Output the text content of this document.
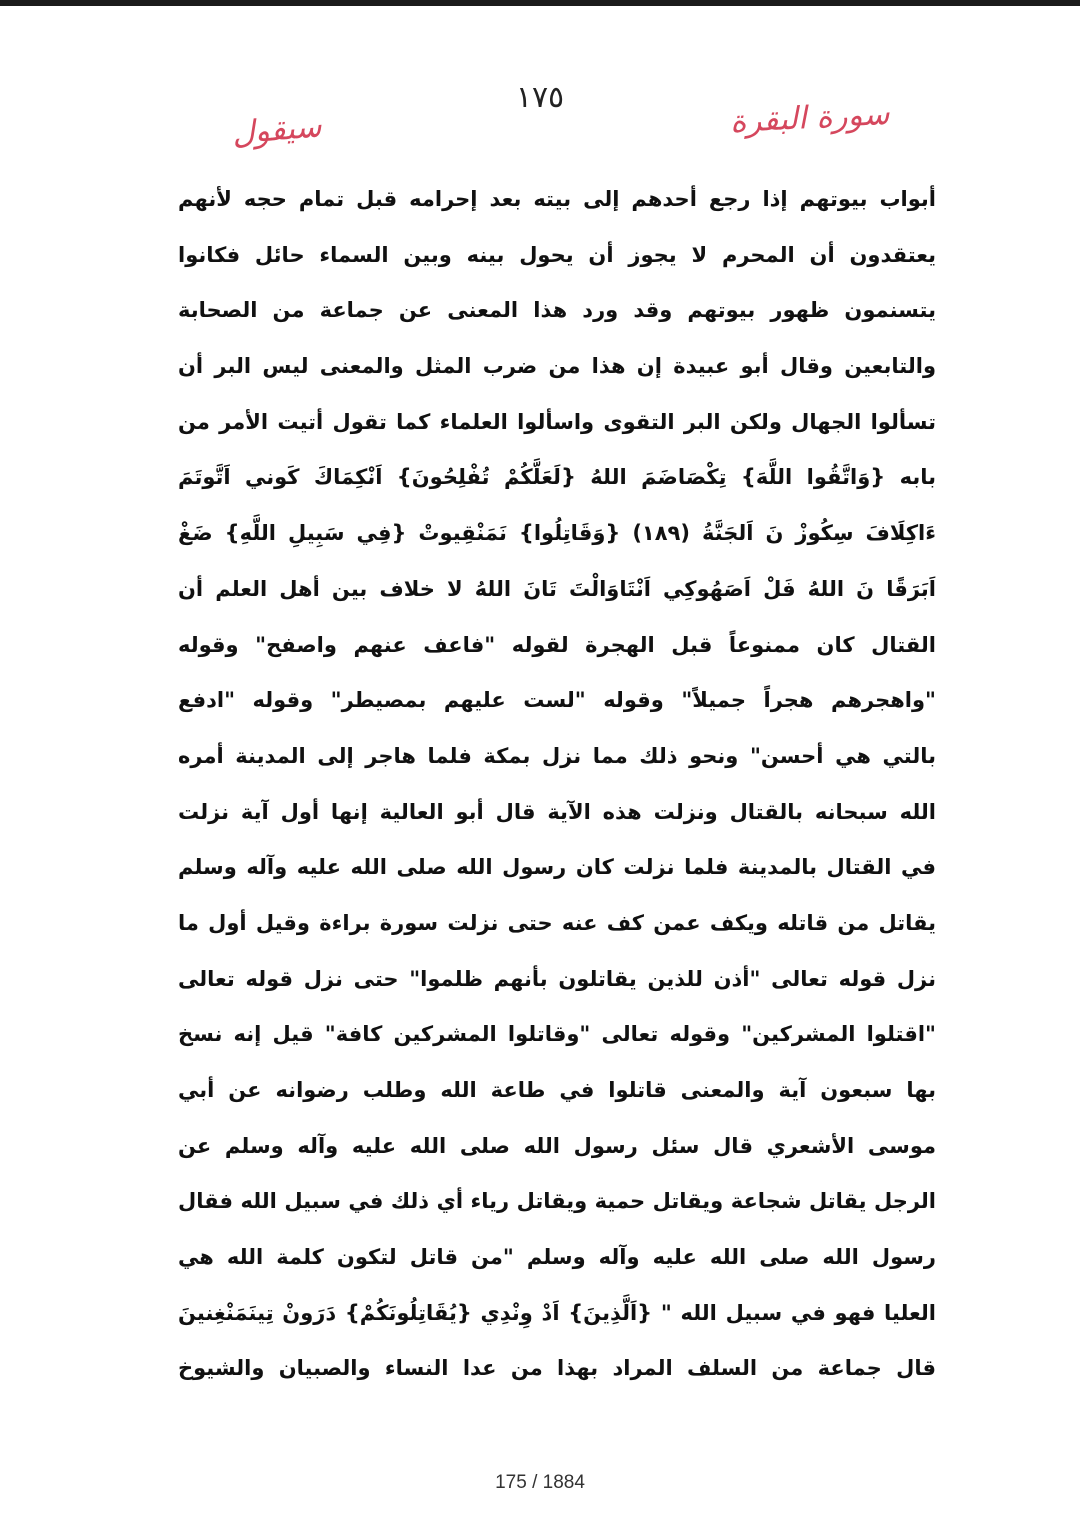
١٧٥	سورة البقرة
سيقول
أبواب بيوتهم إذا رجع أحدهم إلى بيته بعد إحرامه قبل تمام حجه لأنهم
يعتقدون أن المحرم لا يجوز أن يحول بينه وبين السماء حائل فكانوا
يتسنمون ظهور بيوتهم وقد ورد هذا المعنى عن جماعة من الصحابة
والتابعين وقال أبو عبيدة إن هذا من ضرب المثل والمعنى ليس البر أن
تسألوا الجهال ولكن البر التقوى واسألوا العلماء كما تقول أتيت الأمر من
بابه {وَاتَّقُوا اللَّهَ} تِكْصَاضَمَ اللهُ {لَعَلَّكُمْ تُفْلِحُونَ} اَنْكِمَاكَ كَوني اَتَّوتَمَ
ءَاكِلَافَ سِكُوزْ نَ اَلجَنَّةُ (١٨٩) {وَقَاتِلُوا} نَمَنْقِيوتْ {فِي سَبِيلِ اللَّهِ} ضَغْ
اَبَرَقًا نَ اللهُ فَلْ اَصَهُوكِي اَنْتَاوَالْتَ تَانَ اللهُ لا خلاف بين أهل العلم أن
القتال كان ممنوعاً قبل الهجرة لقوله "فاعف عنهم واصفح" وقوله
"واهجرهم هجراً جميلاً" وقوله "لست عليهم بمصيطر" وقوله "ادفع
بالتي هي أحسن" ونحو ذلك مما نزل بمكة فلما هاجر إلى المدينة أمره
الله سبحانه بالقتال ونزلت هذه الآية قال أبو العالية إنها أول آية نزلت
في القتال بالمدينة فلما نزلت كان رسول الله صلى الله عليه وآله وسلم
يقاتل من قاتله ويكف عمن كف عنه حتى نزلت سورة براءة وقيل أول ما
نزل قوله تعالى "أذن للذين يقاتلون بأنهم ظلموا" حتى نزل قوله تعالى
"اقتلوا المشركين" وقوله تعالى "وقاتلوا المشركين كافة" قيل إنه نسخ
بها سبعون آية والمعنى قاتلوا في طاعة الله وطلب رضوانه عن أبي
موسى الأشعري قال سئل رسول الله صلى الله عليه وآله وسلم عن
الرجل يقاتل شجاعة ويقاتل حمية ويقاتل رياء أي ذلك في سبيل الله فقال
رسول الله صلى الله عليه وآله وسلم "من قاتل لتكون كلمة الله هي
العليا فهو في سبيل الله " {اَلَّذِينَ} اَدْ وِنْدِي {يُقَاتِلُونَكُمْ} دَرَونْ تِينَمَنْغِنينَ
قال جماعة من السلف المراد بهذا من عدا النساء والصبيان والشيوخ
175 / 1884
